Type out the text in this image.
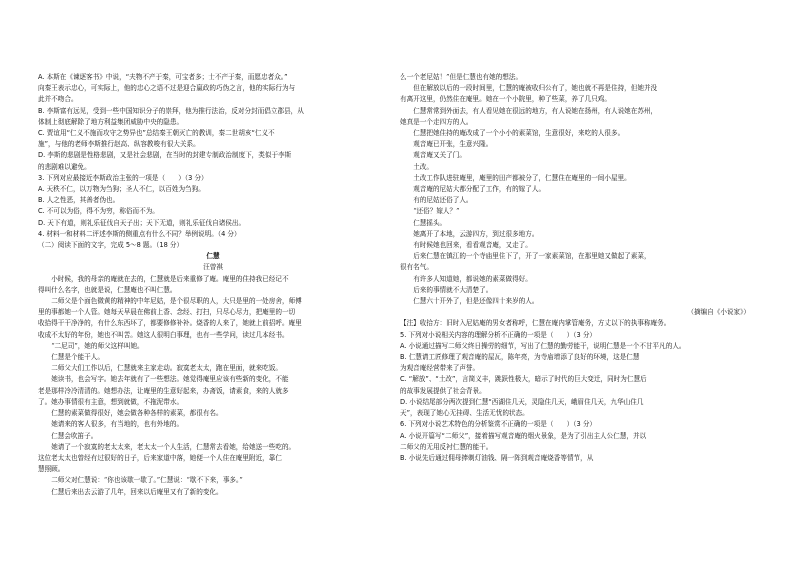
A. 本斯在《谏逐客书》中说，“夫物不产于秦，可宝者多；士不产于秦，而愿忠者众。”

向秦王表示忠心，可实际上，他的忠心之语不过是迎合嬴政的巧伪之言，他的实际行为与

此并不吻合。

B. 李斯富有远见，受到一些中国知识分子的崇拜，他为推行法治，反对分封而倡立郡县，从

体制上彻底解除了地方利益集团威胁中央的隐患。

C. 贾谊用“仁义不施而攻守之势异也”总结秦王朝灭亡的教训，秦二世胡亥“仁义不

施”，与他的老师李斯推行赵高、纵容教唆有很大关系。

D. 李斯的悲剧是性格悲剧，又是社会悲剧，在当时的封建专制政治制度下，类似于李斯

的悲剧难以避免。

3. 下列对应最接近李斯政治主张的一项是（　　）（3 分）

A. 天秩不仁，以万物为刍狗；圣人不仁，以百姓为刍狗。

B. 人之性恶，其善者伪也。

C. 不可以为俗，得不为穷，称俗而不为。

D. 天下有道，则礼乐征伐自天子出；天下无道，则礼乐征伐自诸侯出。

4. 材料一和材料二评述李斯的侧重点有什么不同？举例说明。（4 分）

（二）阅读下面的文字，完成 5～8 题。（18 分）

仁慧

汪曾祺

小时候，我的母亲的庵就在去的，仁慧就是后来重修了庵。庵里的住持我已经记不

得叫什么名字，也就是说，仁慧庵也不叫仁慧。

二师父是个面色微黄的精神的中年尼姑，是个很尽职的人，大只是里的一处房舍，师傅

里的事都她一个人管。她每天早晨在佛前上香、念经、打扫，只尽心尽力，把庵里的一切

收拾得干干净净的，有什么东西坏了，都要修修补补。烧香的人来了，她就上前招呼。庵里

收成不太好的年份，她也不叫苦。她这人很明白事理，也有一些学问，读过几本经书。

“二尼司”，她的师父这样叫她。

仁慧是个能干人。

二师父大们工作以后，仁慧就来主家走动。寂寞老太太，跑在里面，就来吃饭。

她读书，也会写字。她去年就有了一些想法。她觉得庵里应该有些新的变化，不能

老是那样冷冷清清的。她想办法，让庵里的生意好起来，办斋饭，请素食，来的人就多

了。她办事情很有主意，想到就做，不拖泥带水。

仁慧的素菜做得很好，她会做各种各样的素菜，都很有名。

她请来的客人很多，有当地的，也有外地的。

仁慧会吹笛子。

她请了一个寂寞的老太太来，老太太一个人生活，仁慧常去看她，给她送一些吃的。

这位老太太也曾经有过很好的日子，后来家道中落，她便一个人住在庵里附近，靠仁

慧照顾。

二师父对仁慧说：“你也该歇一歇了。”仁慧说：“歇不下来，事多。”

仁慧后来出去云游了几年，回来以后庵里又有了新的变化。

么一个老尼姑！”但是仁慧也有她的想法。

但在解放以后的一段时间里，仁慧的庵被收归公有了，她也就不再是住持，但她并没

有离开这里，仍然住在庵里。她在一个小院里，种了些菜，养了几只鸡。

仁慧常常到外面去，有人看见她在很远的地方，有人说她在扬州，有人说她在苏州，

她真是一个走四方的人。

仁慧把她住持的庵改成了一个小小的素菜馆，生意很好，来吃的人很多。

观音庵已开张，生意兴隆。

观音庵又关了门。

土改。

土改工作队进驻庵里，庵里的田产都被分了，仁慧住在庵里的一间小屋里。

观音庵的尼姑大都分配了工作，有的嫁了人。

有的尼姑还俗了人。

“还俗？嫁人？”

仁慧摇头。

她离开了本地，云游四方，到过很多地方。

有时候她也回来，看看观音庵，又走了。

后来仁慧在镇江的一个寺庙里住下了，开了一家素菜馆，在那里她又做起了素菜，

很有名气。

有许多人知道她，都说她的素菜做得好。

后来的事情就不大清楚了。

仁慧六十开外了，但是还像四十来岁的人。

（摘编自《小说家》）

【注】收拾方：旧时入尼姑庵的男女者称呼，仁慧在庵内掌管庵务，方丈以下的执事称庵务。

5. 下列对小说相关内容的理解分析不正确的一项是（　　）（3 分）

A. 小说通过描写二师父终日操劳的细节，写出了仁慧的勤劳能干，说明仁慧是一个不甘平凡的人。

B. 仁慧请工匠修理了观音庵的屋瓦，陈年亮，为寺庙增添了良好的环境，这是仁慧

为观音庵经营带来了声誉。

C. “解放”、“土改”，言简义丰，跳跃性极大，暗示了时代的巨大变迁，同时为仁慧后

的故事发展提供了社会背景。

D. 小说结尾部分两次提到仁慧“西湖住几天，灵隐住几天，峨眉住几天，九华山住几

天”，表现了她心无挂碍、生活无忧的状态。

6. 下列对小说艺术特色的分析鉴赏不正确的一项是（　　）（3 分）

A. 小说开篇写“二师父”，接着描写观音庵的烟火景象，是为了引出主人公仁慧，并以

二师父的无用反衬仁慧的能干。

B. 小说先后通过佣母捧剃灯油钱、隔一阵到观音庵烧香等情节，从
